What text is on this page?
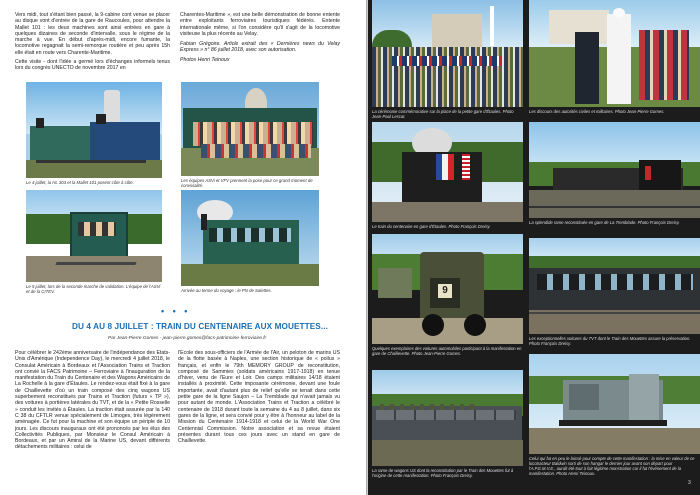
Vers midi, tout s'étant bien passé, la 9-cabine cont venue se placer au disque vont d'entrée de la gare de Raucoules, pour attendre la Mallet 101 : les deux machines sont ainsi entrées en gare à quelques dizaines de seconde d'intervalle, sous le régime de la marche à vue. En début d'après-midi, encore fumante, la locomotive regagnait la semi-remorque routière et peu après 15h elle était en route vers Charente-Maritime.

Cette visite - dont l'idée a germé lors d'échanges informels tenus lors du congrès UNECTO de novembre 2017 en

Charentes-Maritime », est une belle démonstration de bonne entente entre exploitants ferroviaires touristiques fédérés. Entente internationale même, si l'on considère qu'il s'agit de la locomotive visiteuse la plus récente au Velay.

Fabian Grégoire. Article extrait des « Dernières news du Velay Express » n° 86 juillet 2018, avec son autorisation.

Photos Henri Teinoux

Le 4 juillet, la HL 303 et la Mallet 101 posent côte à côte.	Les équipes ASVi et VFV prennent la pose pour ce grand moment de convivialité.
Le 5 juillet, lors de la seconde marche de validation. L'équipe de l'ASVi et de la CITEV.	Arrivée au terme du voyage : le PN de Salettes.
• • •
DU 4 AU 8 JUILLET : TRAIN DU CENTENAIRE AUX MOUETTES...
Par Jean-Pierre Gomes - jean-pierre.gomes@facs-patrimoine-ferroviaire.fr
Pour célébrer le 242ème anniversaire de l'indépendance des Etats-Unis d'Amérique (Independence Day), le mercredi 4 juillet 2018, le Consulat Américain à Bordeaux et l'Association Trains et Traction ont convié la FACS Patrimoine – Ferroviaire à l'inauguration de la manifestation du Train du Centenaire et des Wagons Américains de La Rochelle à la gare d'Étaules. Le rendez-vous était fixé à la gare de Chaillevette d'où un train composé des cinq wagons US superbement reconstitués par Trains et Traction (futurs « TP »), des voitures à portières latérales du TVT, et de la « Petite Rosselle » conduit les invités à Étaules. La traction était assurée par la 140 C 38 du CFTLR venue spécialement de Limoges, très légèrement aménagée. Ce fut pour la machine et son équipe un périple de 10 jours. Les discours inauguraux ont été prononcés par les élus des Collectivités Publiques, par Monsieur le Consul Américain à Bordeaux, et par un Amiral de la Marine US, devant différents détachements militaires : celui de
l'École des sous-officiers de l'Armée de l'Air, un peloton de marins US de la flotte basée à Naples, une section historique de « poilus » français, et enfin le 79th MEMORY GROUP de reconstitution, composé de Sammies (soldats américains 1917-1918) en tenue d'hiver, venu de l'Eure et Loir. Des camps militaires 14/18 étaient installés à proximité. Cette imposante cérémonie, devant une foule importante, avait d'autant plus de relief qu'elle se tenait dans cette petite gare de la ligne Saujon – La Tremblade qui n'avait jamais vu pour autant de monde. L'Association Trains et Traction a célébré le centenaire de 1918 durant toute la semaine du 4 au 8 juillet, dans six gares de la ligne, et sera convié pour y être à l'honneur au label de la Mission du Centenaire 1914-1918 et celui de la World War One Centennial Commission. Notre association et sa revue étaient présentes durant tous ces jours avec un stand en gare de Chaillevette.
La cérémonie commémorative sur la place de la petite gare d'Étaules. Photo Jean-Paul Lescat.
Les discours des autorités civiles et militaires. Photo Jean-Pierre Gomes.
Le train du centenaire en gare d'Étaules. Photo François Dreisy.
La splendide rame reconstituée en gare de La Tremblade. Photo François Dreisy.
9
Quelques exemplaires des voitures automobiles participant à la manifestation en gare de Chaillevette. Photo Jean-Pierre Gomes.
Les exceptionnelles voitures du TVT dont le Train des Mouettes assure la préservation. Photo François Dreisy.
La rame de wagons US dont la reconstitution par le Train des Mouettes fut à l'origine de cette manifestation. Photo François Dreisy.
Celui qui fut en peu le laissé pour compte de cette manifestation : la mise en valeur de ce locotracteur Baldwin sorti de son hangar le dernier jour avant son départ pour l'A.P.E.M.V.E., auraît été tout à fait légitime monstration car il fut l'événement de la manifestation. Photo Henri Teinoux.
3
